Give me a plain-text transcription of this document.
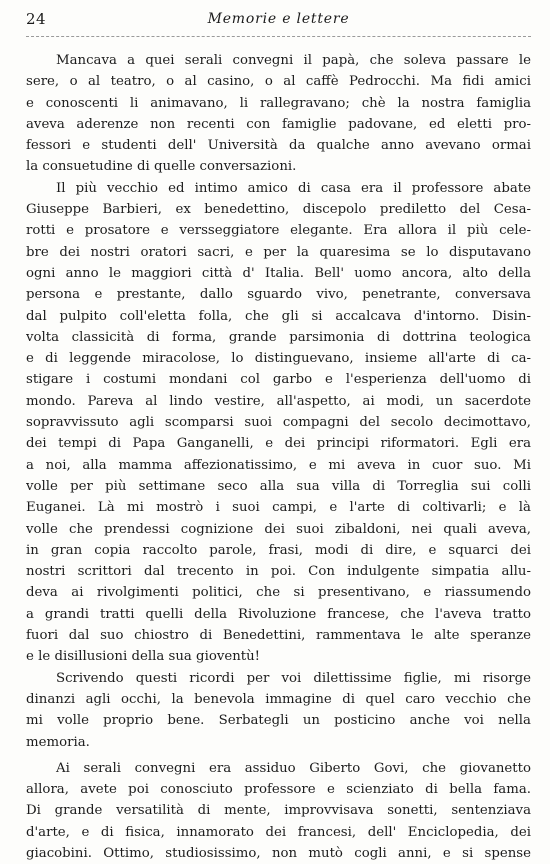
24	Memorie e lettere
Mancava a quei serali convegni il papà, che soleva passare le
sere, o al teatro, o al casino, o al caffè Pedrocchi. Ma fidi amici
e conoscenti li animavano, li rallegravano; chè la nostra famiglia
aveva aderenze non recenti con famiglie padovane, ed eletti pro-
fessori e studenti dell' Università da qualche anno avevano ormai
la consuetudine di quelle conversazioni.
Il più vecchio ed intimo amico di casa era il professore abate
Giuseppe Barbieri, ex benedettino, discepolo prediletto del Cesa-
rotti e prosatore e versseggiatore elegante. Era allora il più cele-
bre dei nostri oratori sacri, e per la quaresima se lo disputavano
ogni anno le maggiori città d' Italia. Bell' uomo ancora, alto della
persona e prestante, dallo sguardo vivo, penetrante, conversava
dal pulpito coll'eletta folla, che gli si accalcava d'intorno. Disin-
volta classicità di forma, grande parsimonia di dottrina teologica
e di leggende miracolose, lo distinguevano, insieme all'arte di ca-
stigare i costumi mondani col garbo e l'esperienza dell'uomo di
mondo. Pareva al lindo vestire, all'aspetto, ai modi, un sacerdote
sopravvissuto agli scomparsi suoi compagni del secolo decimottavo,
dei tempi di Papa Ganganelli, e dei principi riformatori. Egli era
a noi, alla mamma affezionatissimo, e mi aveva in cuor suo. Mi
volle per più settimane seco alla sua villa di Torreglia sui colli
Euganei. Là mi mostrò i suoi campi, e l'arte di coltivarli; e là
volle che prendessi cognizione dei suoi zibaldoni, nei quali aveva,
in gran copia raccolto parole, frasi, modi di dire, e squarci dei
nostri scrittori dal trecento in poi. Con indulgente simpatia allu-
deva ai rivolgimenti politici, che si presentivano, e riassumendo
a grandi tratti quelli della Rivoluzione francese, che l'aveva tratto
fuori dal suo chiostro di Benedettini, rammentava le alte speranze
e le disillusioni della sua gioventù!
Scrivendo questi ricordi per voi dilettissime figlie, mi risorge
dinanzi agli occhi, la benevola immagine di quel caro vecchio che
mi volle proprio bene. Serbategli un posticino anche voi nella
memoria.
Ai serali convegni era assiduo Giberto Govi, che giovanetto
allora, avete poi conosciuto professore e scienziato di bella fama.
Di grande versatilità di mente, improvvisava sonetti, sentenziava
d'arte, e di fisica, innamorato dei francesi, dell' Enciclopedia, dei
giacobini. Ottimo, studiosissimo, non mutò cogli anni, e si spense
